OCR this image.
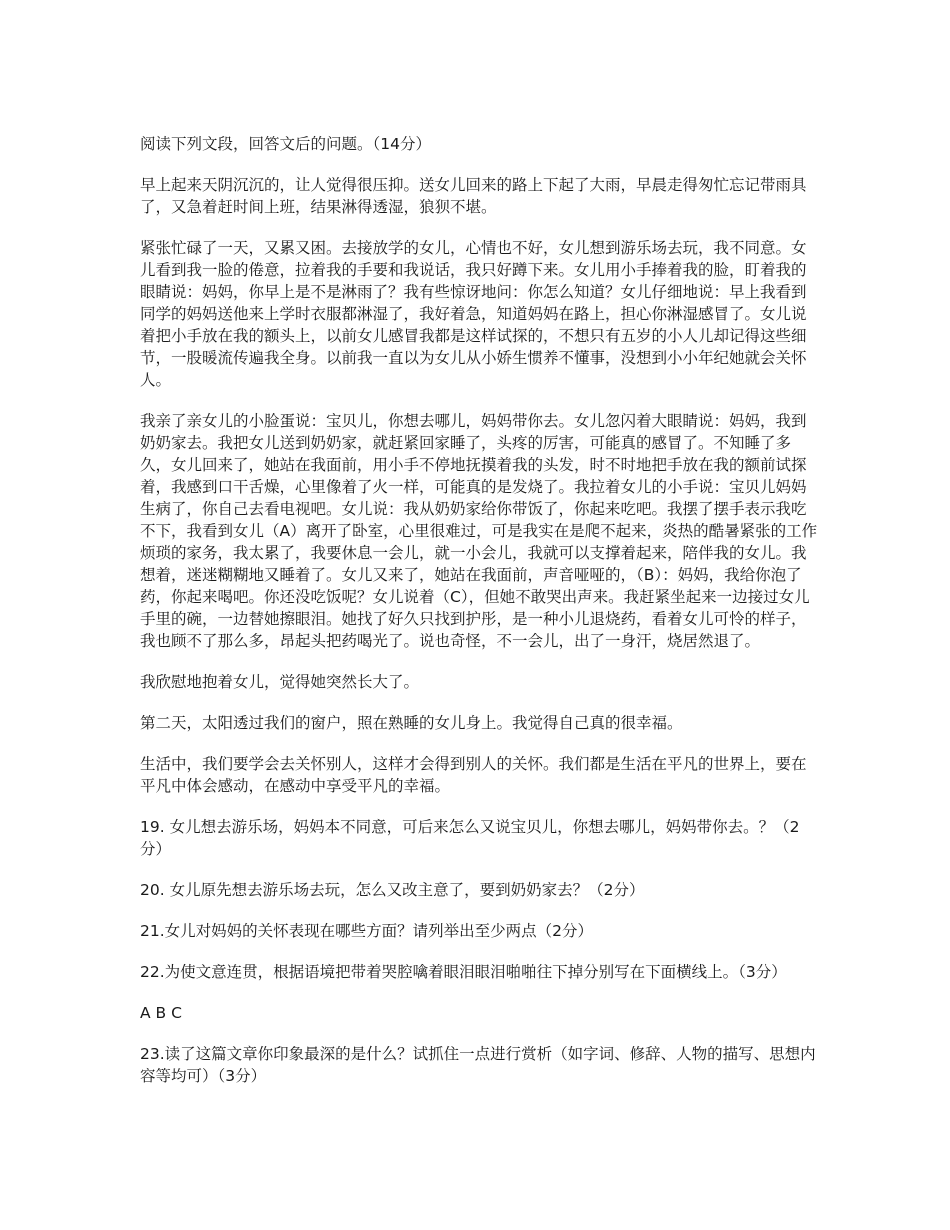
阅读下列文段，回答文后的问题。（14分）

早上起来天阴沉沉的，让人觉得很压抑。送女儿回来的路上下起了大雨，早晨走得匆忙忘记带雨具了，又急着赶时间上班，结果淋得透湿，狼狈不堪。

紧张忙碌了一天，又累又困。去接放学的女儿，心情也不好，女儿想到游乐场去玩，我不同意。女儿看到我一脸的倦意，拉着我的手要和我说话，我只好蹲下来。女儿用小手捧着我的脸，盯着我的眼睛说：妈妈，你早上是不是淋雨了？我有些惊讶地问：你怎么知道？女儿仔细地说：早上我看到同学的妈妈送他来上学时衣服都淋湿了，我好着急，知道妈妈在路上，担心你淋湿感冒了。女儿说着把小手放在我的额头上，以前女儿感冒我都是这样试探的，不想只有五岁的小人儿却记得这些细节，一股暖流传遍我全身。以前我一直以为女儿从小娇生惯养不懂事，没想到小小年纪她就会关怀人。

我亲了亲女儿的小脸蛋说：宝贝儿，你想去哪儿，妈妈带你去。女儿忽闪着大眼睛说：妈妈，我到奶奶家去。我把女儿送到奶奶家，就赶紧回家睡了，头疼的厉害，可能真的感冒了。不知睡了多久，女儿回来了，她站在我面前，用小手不停地抚摸着我的头发，时不时地把手放在我的额前试探着，我感到口干舌燥，心里像着了火一样，可能真的是发烧了。我拉着女儿的小手说：宝贝儿妈妈生病了，你自己去看电视吧。女儿说：我从奶奶家给你带饭了，你起来吃吧。我摆了摆手表示我吃不下，我看到女儿（A）离开了卧室，心里很难过，可是我实在是爬不起来，炎热的酷暑紧张的工作烦琐的家务，我太累了，我要休息一会儿，就一小会儿，我就可以支撑着起来，陪伴我的女儿。我想着，迷迷糊糊地又睡着了。女儿又来了，她站在我面前，声音哑哑的，（B）：妈妈，我给你泡了药，你起来喝吧。你还没吃饭呢？女儿说着（C），但她不敢哭出声来。我赶紧坐起来一边接过女儿手里的碗，一边替她擦眼泪。她找了好久只找到护彤，是一种小儿退烧药，看着女儿可怜的样子，我也顾不了那么多，昂起头把药喝光了。说也奇怪，不一会儿，出了一身汗，烧居然退了。

我欣慰地抱着女儿，觉得她突然长大了。

第二天，太阳透过我们的窗户，照在熟睡的女儿身上。我觉得自己真的很幸福。

生活中，我们要学会去关怀别人，这样才会得到别人的关怀。我们都是生活在平凡的世界上，要在平凡中体会感动，在感动中享受平凡的幸福。

19. 女儿想去游乐场，妈妈本不同意，可后来怎么又说宝贝儿，你想去哪儿，妈妈带你去。？（2分）

20. 女儿原先想去游乐场去玩，怎么又改主意了，要到奶奶家去？（2分）

21.女儿对妈妈的关怀表现在哪些方面？请列举出至少两点（2分）

22.为使文意连贯，根据语境把带着哭腔噙着眼泪眼泪啪啪往下掉分别写在下面横线上。（3分）

A B C

23.读了这篇文章你印象最深的是什么？试抓住一点进行赏析（如字词、修辞、人物的描写、思想内容等均可）（3分）
